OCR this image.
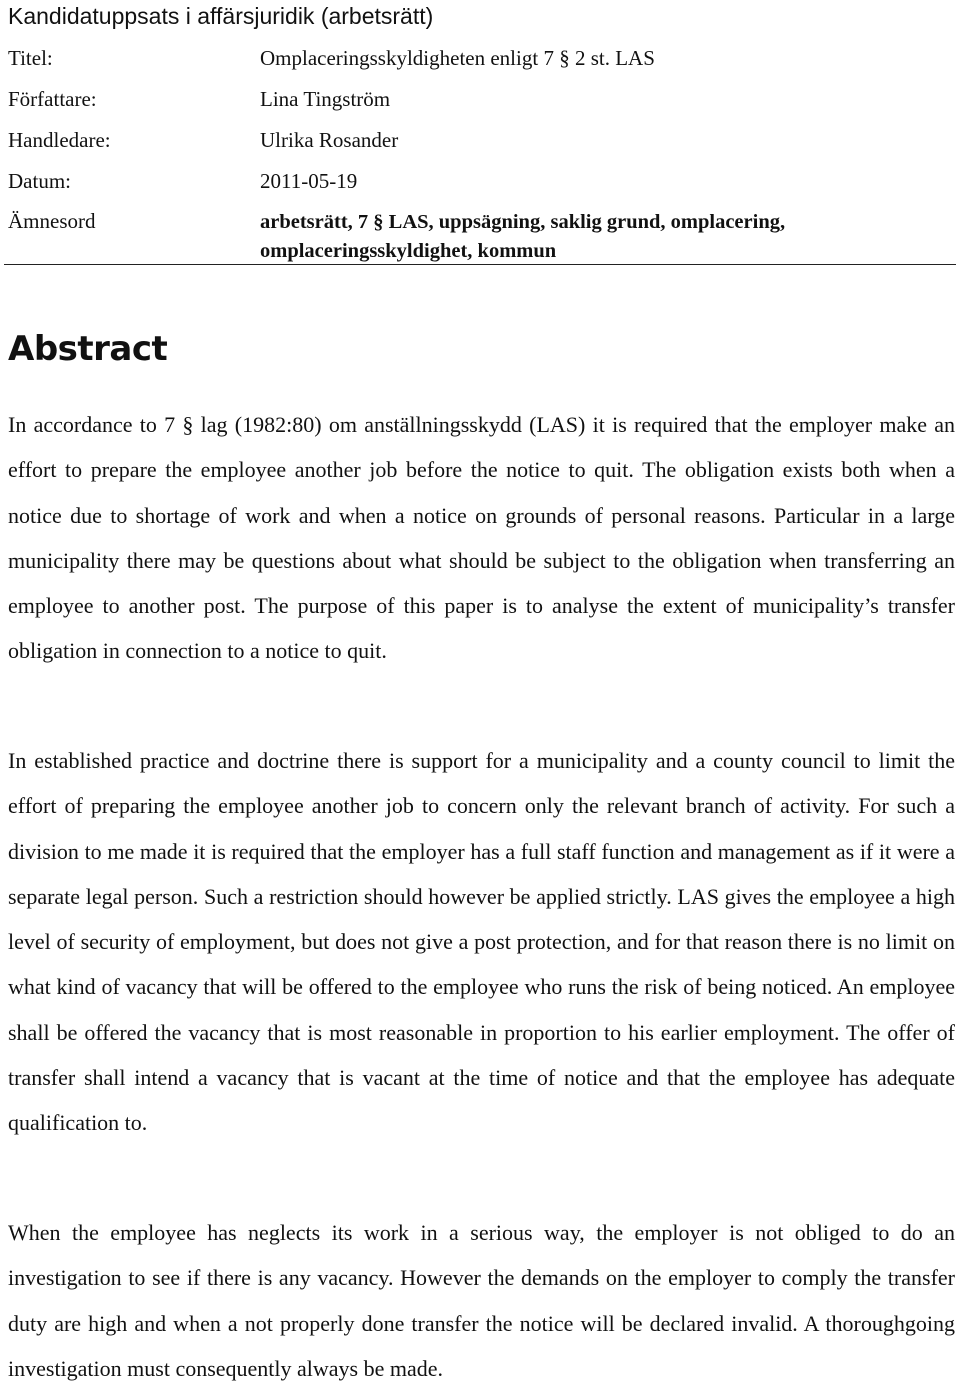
Kandidatuppsats i affärsjuridik (arbetsrätt)
Titel:	Omplaceringsskyldigheten enligt 7 § 2 st. LAS
Författare:	Lina Tingström
Handledare:	Ulrika Rosander
Datum:	2011-05-19
Ämnesord	arbetsrätt, 7 § LAS, uppsägning, saklig grund, omplacering, omplaceringsskyldighet, kommun
Abstract

In accordance to 7 § lag (1982:80) om anställningsskydd (LAS) it is required that the employer make an effort to prepare the employee another job before the notice to quit. The obligation exists both when a notice due to shortage of work and when a notice on grounds of personal reasons. Particular in a large municipality there may be questions about what should be subject to the obligation when transferring an employee to another post. The purpose of this paper is to analyse the extent of municipality’s transfer obligation in connection to a notice to quit.

In established practice and doctrine there is support for a municipality and a county council to limit the effort of preparing the employee another job to concern only the relevant branch of activity. For such a division to me made it is required that the employer has a full staff function and management as if it were a separate legal person. Such a restriction should however be applied strictly. LAS gives the employee a high level of security of employment, but does not give a post protection, and for that reason there is no limit on what kind of vacancy that will be offered to the employee who runs the risk of being noticed. An employee shall be offered the vacancy that is most reasonable in proportion to his earlier employment. The offer of transfer shall intend a vacancy that is vacant at the time of notice and that the employee has adequate qualification to.

When the employee has neglects its work in a serious way, the employer is not obliged to do an investigation to see if there is any vacancy. However the demands on the employer to comply the transfer duty are high and when a not properly done transfer the notice will be declared invalid. A thoroughgoing investigation must consequently always be made.
